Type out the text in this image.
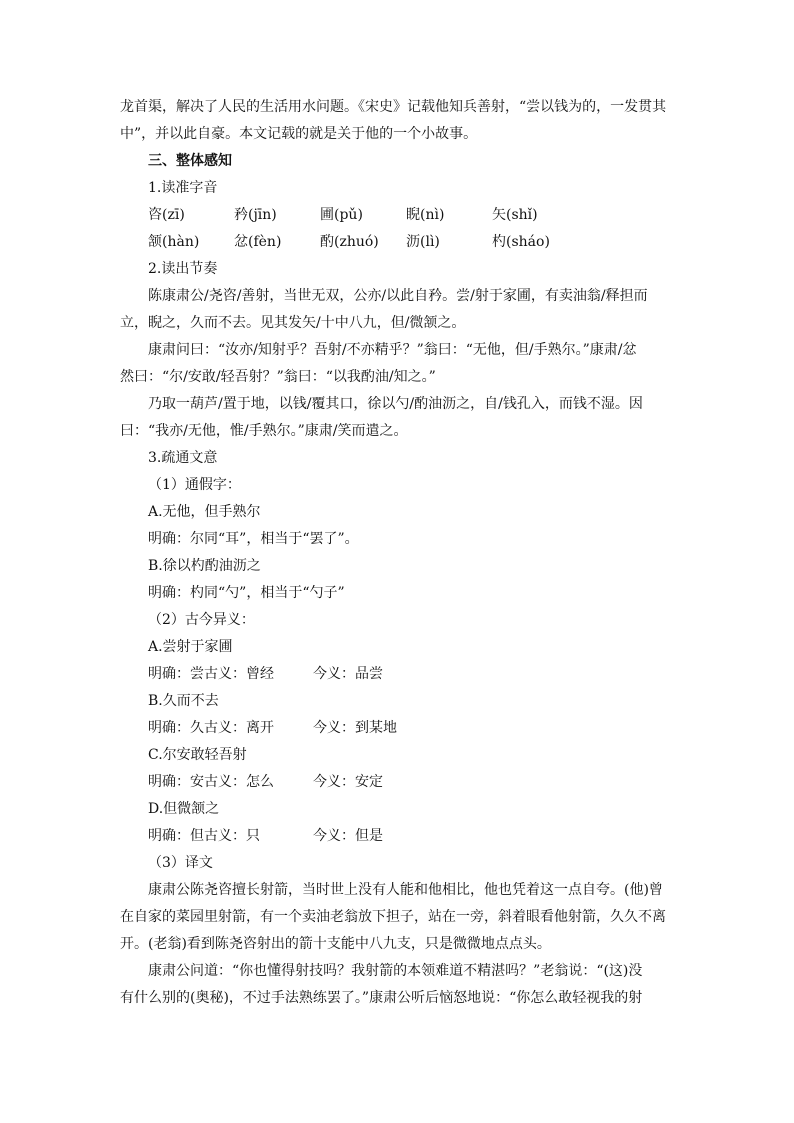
龙首渠，解决了人民的生活用水问题。《宋史》记载他知兵善射，“尝以钱为的，一发贯其

中”，并以此自豪。本文记载的就是关于他的一个小故事。

三、整体感知

1.读准字音

咨(zī)	矜(jīn)	圃(pǔ)	睨(nì)	矢(shǐ)
颔(hàn)	忿(fèn)	酌(zhuó)	沥(lì)	杓(sháo)

2.读出节奏

陈康肃公/尧咨/善射，当世无双，公亦/以此自矜。尝/射于家圃，有卖油翁/释担而

立，睨之，久而不去。见其发矢/十中八九，但/微颔之。

康肃问曰：“汝亦/知射乎？吾射/不亦精乎？”翁曰：“无他，但/手熟尔。”康肃/忿

然曰：“尔/安敢/轻吾射？”翁曰：“以我酌油/知之。”

乃取一葫芦/置于地，以钱/覆其口，徐以勺/酌油沥之，自/钱孔入，而钱不湿。因

曰：“我亦/无他，惟/手熟尔。”康肃/笑而遣之。

3.疏通文意

（1）通假字：

A.无他，但手熟尔

明确：尔同“耳”，相当于“罢了”。

B.徐以杓酌油沥之

明确：杓同“勺”，相当于“勺子”

（2）古今异义：

A.尝射于家圃

明确：尝古义：曾经	今义：品尝

B.久而不去

明确：久古义：离开	今义：到某地

C.尔安敢轻吾射

明确：安古义：怎么	今义：安定

D.但微颔之

明确：但古义：只	今义：但是

（3）译文

康肃公陈尧咨擅长射箭，当时世上没有人能和他相比，他也凭着这一点自夸。(他)曾

在自家的菜园里射箭，有一个卖油老翁放下担子，站在一旁，斜着眼看他射箭，久久不离

开。(老翁)看到陈尧咨射出的箭十支能中八九支，只是微微地点点头。

康肃公问道：“你也懂得射技吗？我射箭的本领难道不精湛吗？”老翁说：“(这)没

有什么别的(奥秘)，不过手法熟练罢了。”康肃公听后恼怒地说：“你怎么敢轻视我的射
